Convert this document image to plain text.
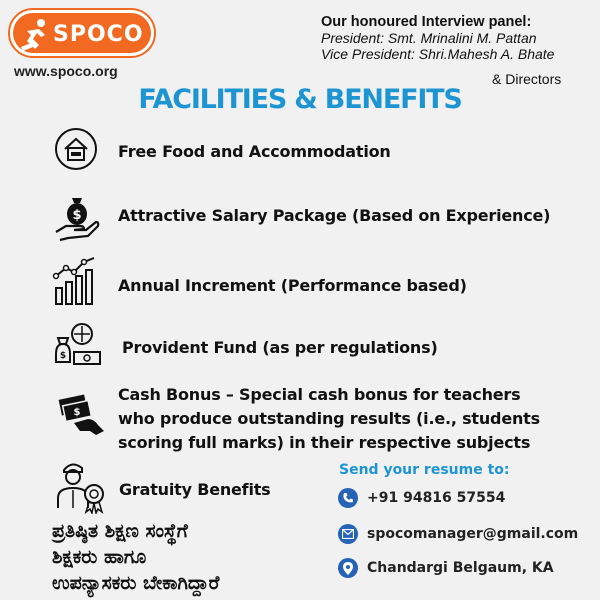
SPOCO
www.spoco.org
Our honoured Interview panel:
President: Smt. Mrinalini M. Pattan
Vice President: Shri.Mahesh A. Bhate
& Directors
FACILITIES & BENEFITS
Free Food and Accommodation
$ Attractive Salary Package (Based on Experience)
Annual Increment (Performance based)
$	Provident Fund (as per regulations)
$
Cash Bonus – Special cash bonus for teachers
who produce outstanding results (i.e., students
scoring full marks) in their respective subjects
Gratuity Benefits
ಪ್ರತಿಷ್ಠಿತ ಶಿಕ್ಷಣ ಸಂಸ್ಥೆಗೆ
ಶಿಕ್ಷಕರು ಹಾಗೂ
ಉಪನ್ಯಾಸಕರು ಬೇಕಾಗಿದ್ದಾರೆ
Send your resume to:
+91 94816 57554
spocomanager@gmail.com
Chandargi Belgaum, KA
